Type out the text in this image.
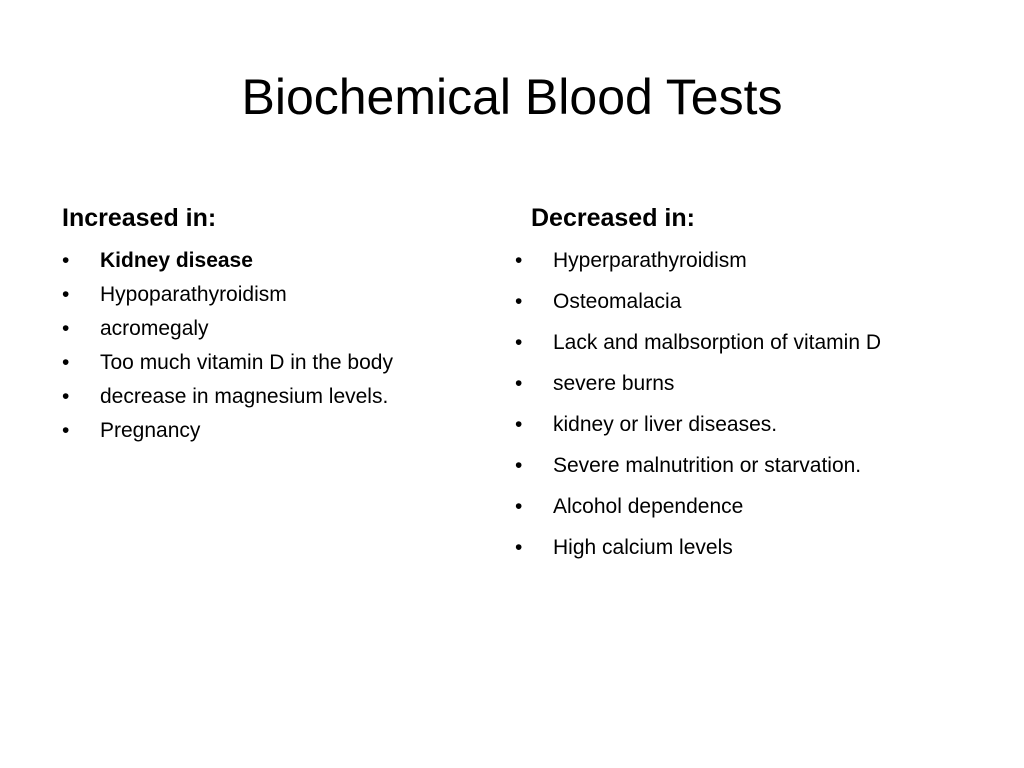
Biochemical Blood Tests
Increased in:
• Kidney disease
• Hypoparathyroidism
• acromegaly
• Too much vitamin D in the body
• decrease in magnesium levels.
• Pregnancy
Decreased in:
• Hyperparathyroidism
• Osteomalacia
• Lack and malbsorption of vitamin D
• severe burns
• kidney or liver diseases.
• Severe malnutrition or starvation.
• Alcohol dependence
• High calcium levels
